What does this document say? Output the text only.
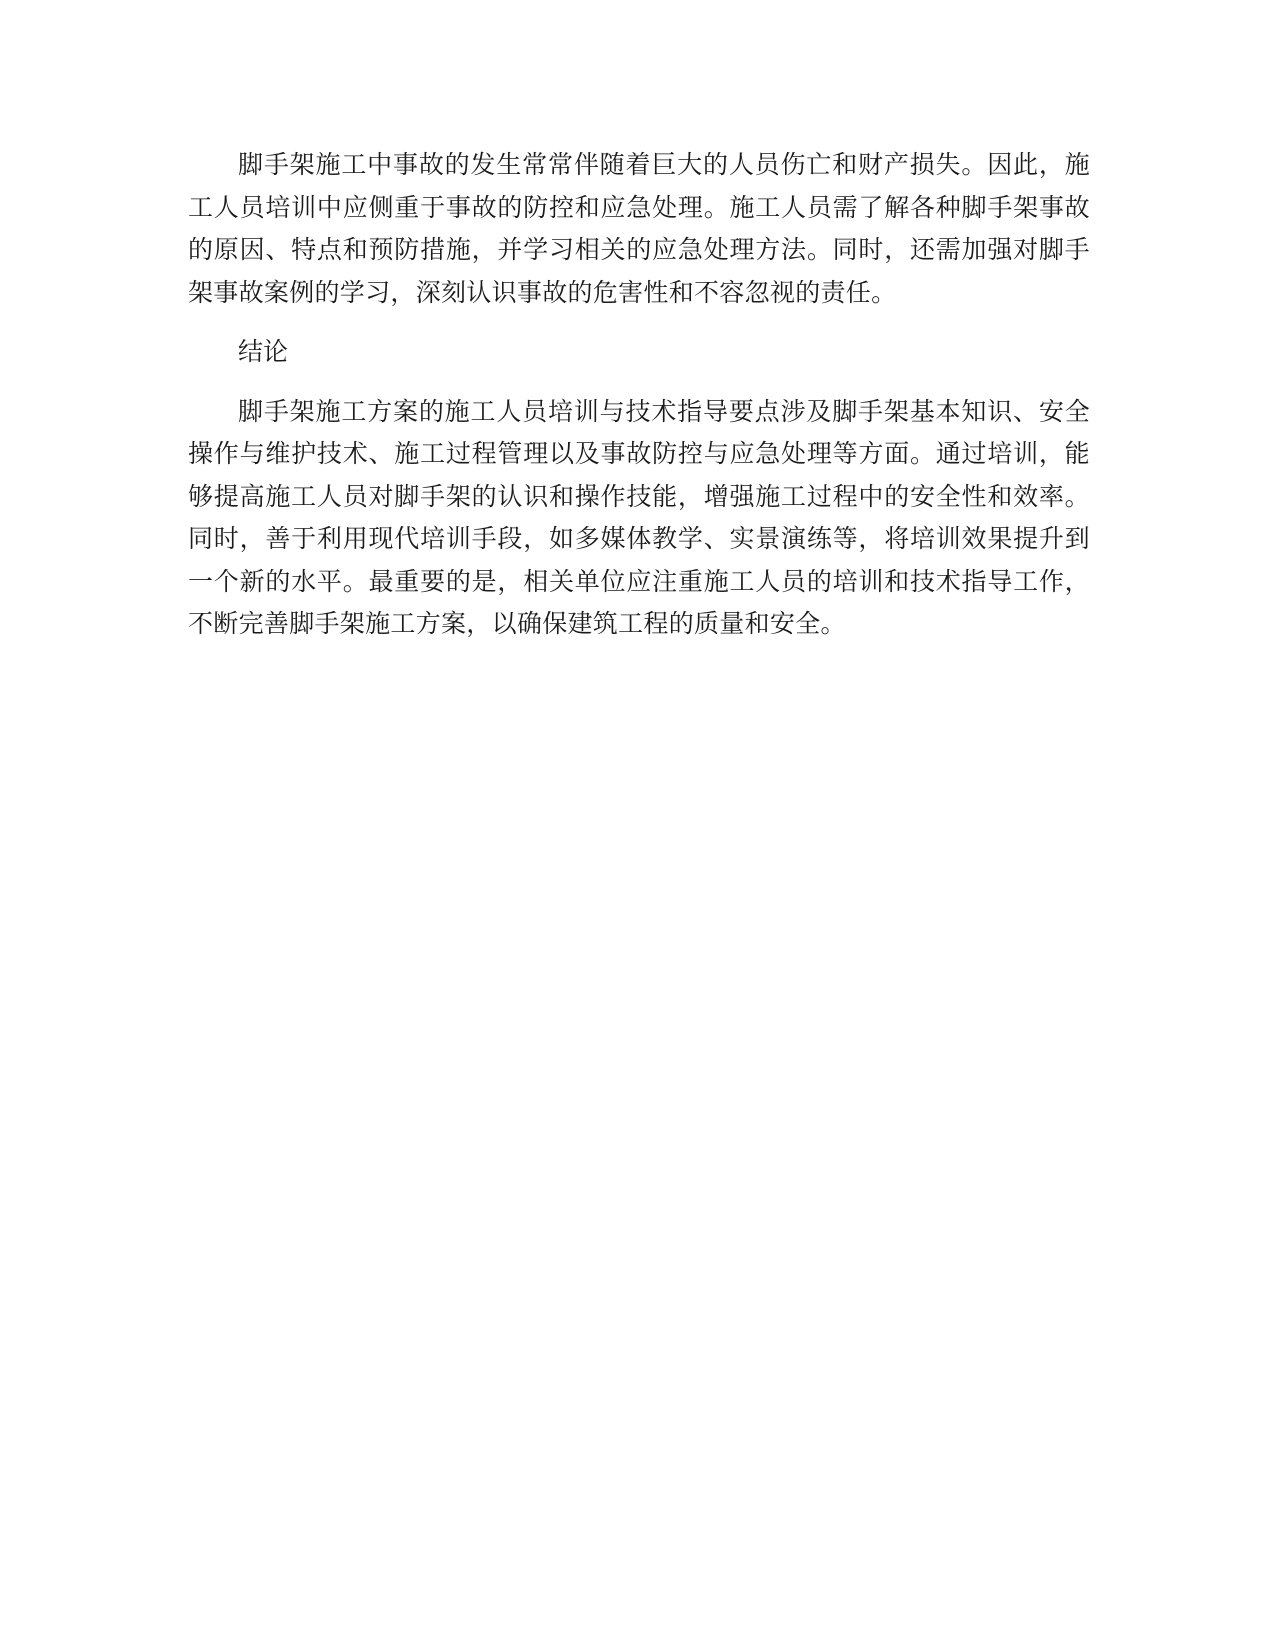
脚手架施工中事故的发生常常伴随着巨大的人员伤亡和财产损失。因此，施工人员培训中应侧重于事故的防控和应急处理。施工人员需了解各种脚手架事故的原因、特点和预防措施，并学习相关的应急处理方法。同时，还需加强对脚手架事故案例的学习，深刻认识事故的危害性和不容忽视的责任。

结论

脚手架施工方案的施工人员培训与技术指导要点涉及脚手架基本知识、安全操作与维护技术、施工过程管理以及事故防控与应急处理等方面。通过培训，能够提高施工人员对脚手架的认识和操作技能，增强施工过程中的安全性和效率。同时，善于利用现代培训手段，如多媒体教学、实景演练等，将培训效果提升到一个新的水平。最重要的是，相关单位应注重施工人员的培训和技术指导工作，不断完善脚手架施工方案，以确保建筑工程的质量和安全。
